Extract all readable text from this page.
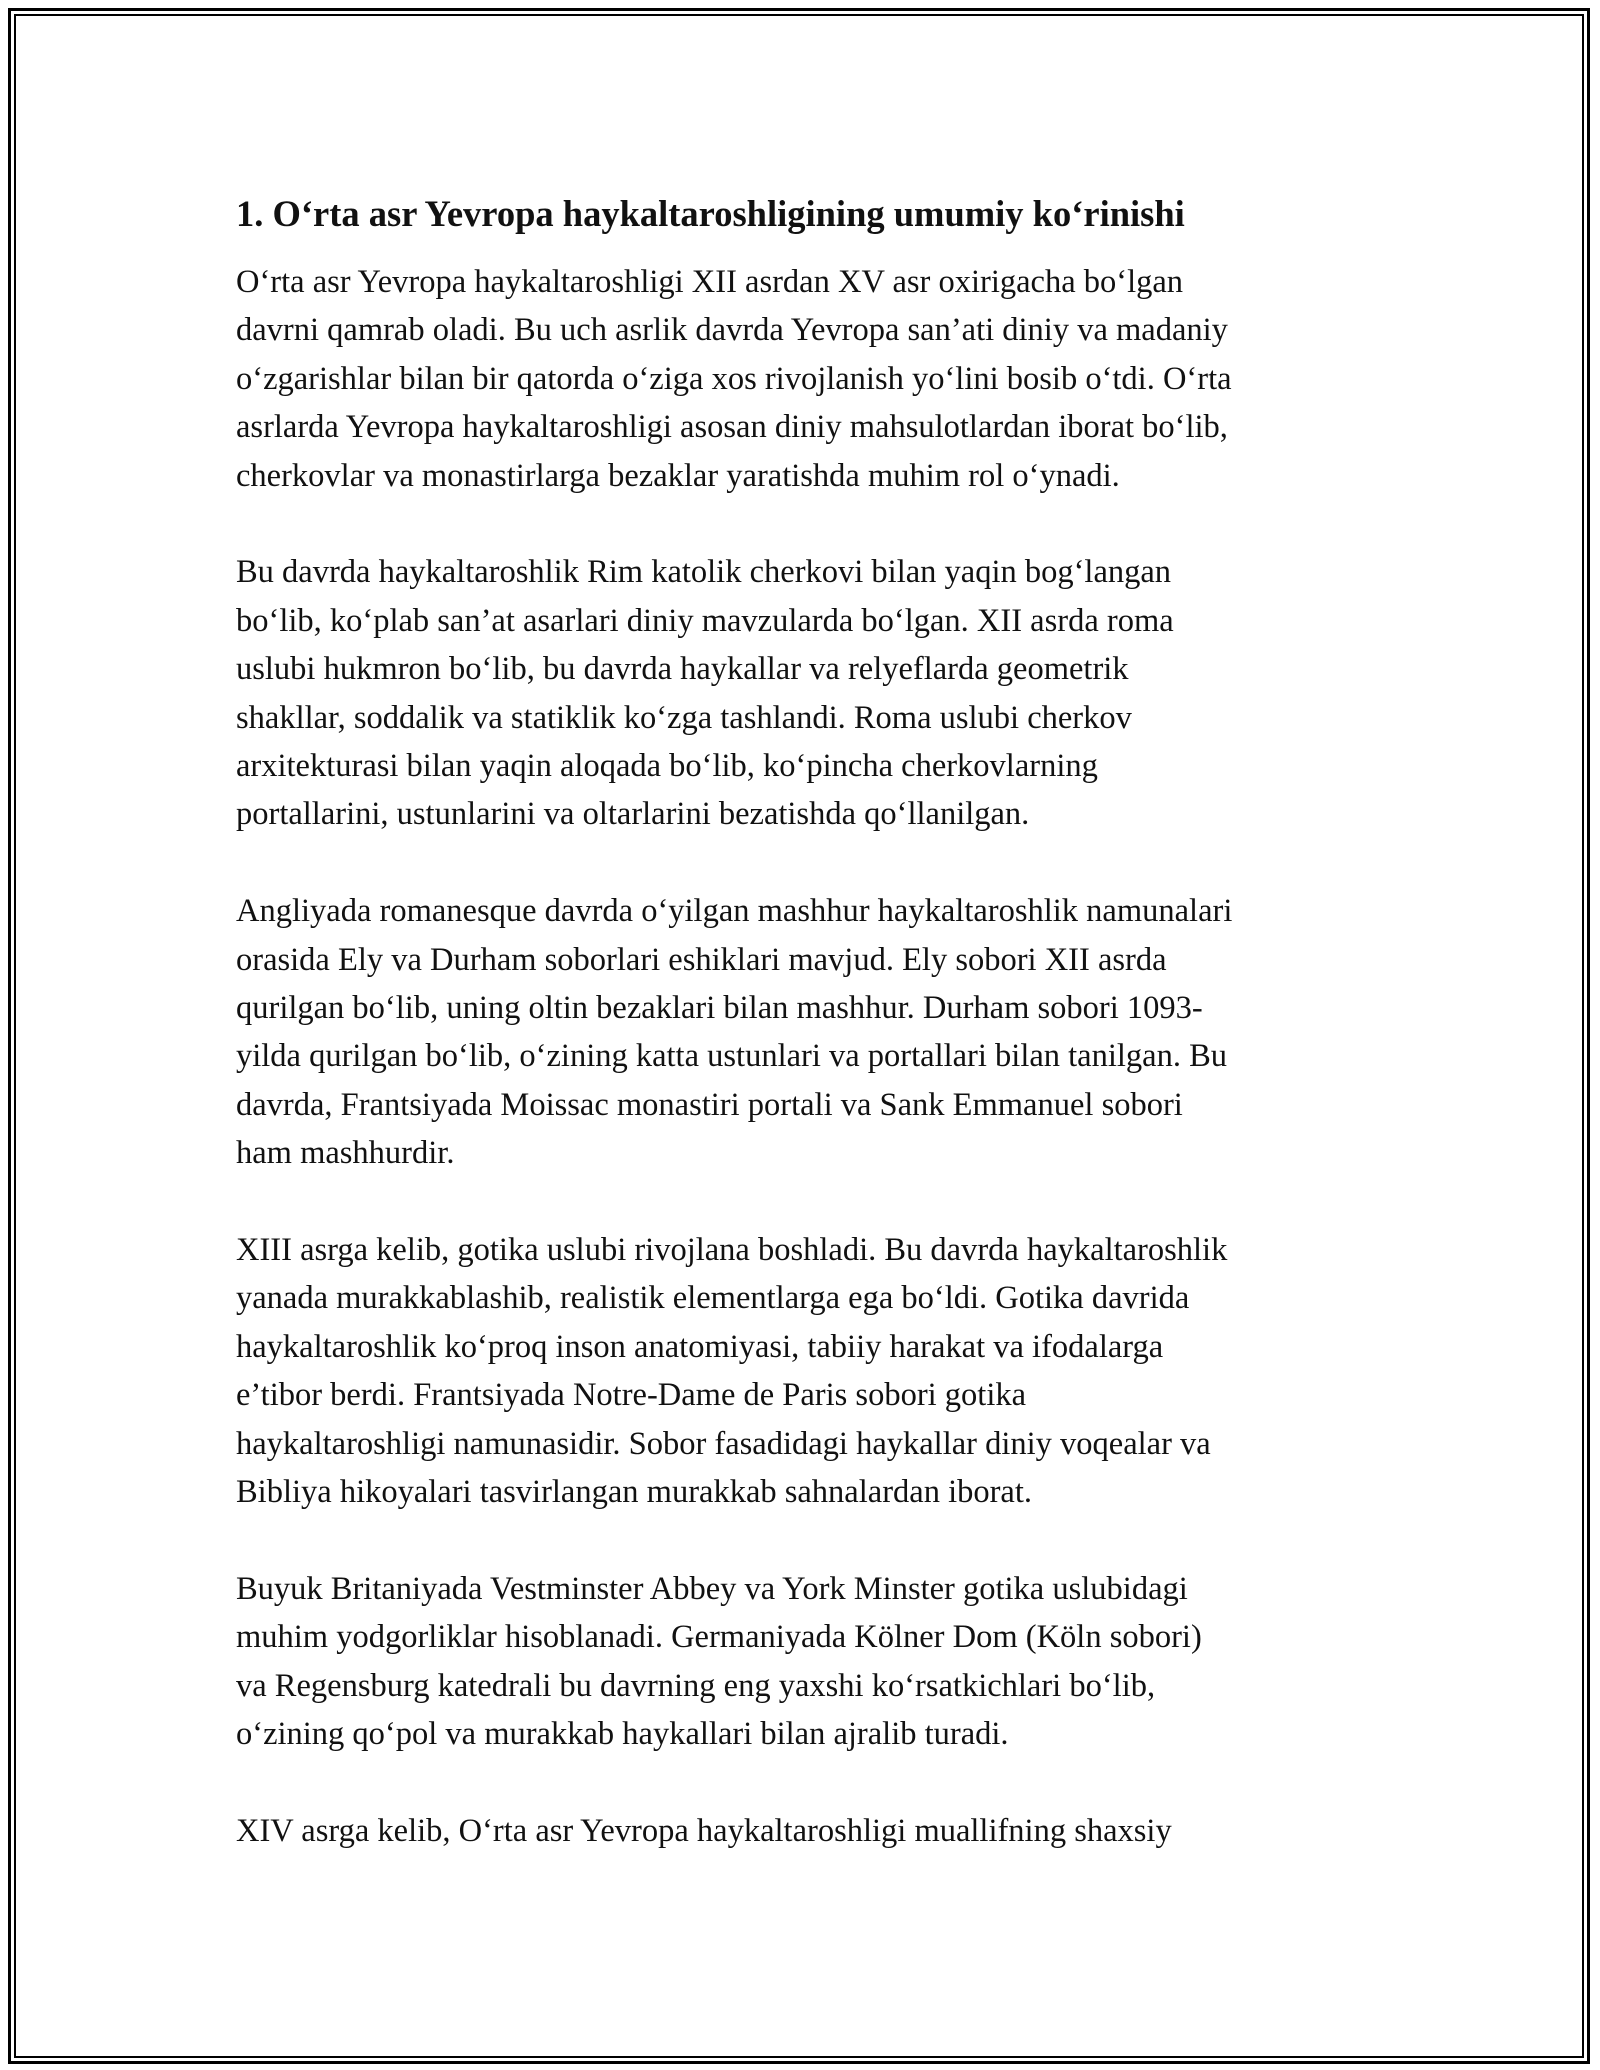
1. O‘rta asr Yevropa haykaltaroshligining umumiy ko‘rinishi

O‘rta asr Yevropa haykaltaroshligi XII asrdan XV asr oxirigacha bo‘lgan
davrni qamrab oladi. Bu uch asrlik davrda Yevropa san’ati diniy va madaniy
o‘zgarishlar bilan bir qatorda o‘ziga xos rivojlanish yo‘lini bosib o‘tdi. O‘rta
asrlarda Yevropa haykaltaroshligi asosan diniy mahsulotlardan iborat bo‘lib,
cherkovlar va monastirlarga bezaklar yaratishda muhim rol o‘ynadi.

Bu davrda haykaltaroshlik Rim katolik cherkovi bilan yaqin bog‘langan
bo‘lib, ko‘plab san’at asarlari diniy mavzularda bo‘lgan. XII asrda roma
uslubi hukmron bo‘lib, bu davrda haykallar va relyeflarda geometrik
shakllar, soddalik va statiklik ko‘zga tashlandi. Roma uslubi cherkov
arxitekturasi bilan yaqin aloqada bo‘lib, ko‘pincha cherkovlarning
portallarini, ustunlarini va oltarlarini bezatishda qo‘llanilgan.

Angliyada romanesque davrda o‘yilgan mashhur haykaltaroshlik namunalari
orasida Ely va Durham soborlari eshiklari mavjud. Ely sobori XII asrda
qurilgan bo‘lib, uning oltin bezaklari bilan mashhur. Durham sobori 1093-
yilda qurilgan bo‘lib, o‘zining katta ustunlari va portallari bilan tanilgan. Bu
davrda, Frantsiyada Moissac monastiri portali va Sank Emmanuel sobori
ham mashhurdir.

XIII asrga kelib, gotika uslubi rivojlana boshladi. Bu davrda haykaltaroshlik
yanada murakkablashib, realistik elementlarga ega bo‘ldi. Gotika davrida
haykaltaroshlik ko‘proq inson anatomiyasi, tabiiy harakat va ifodalarga
e’tibor berdi. Frantsiyada Notre-Dame de Paris sobori gotika
haykaltaroshligi namunasidir. Sobor fasadidagi haykallar diniy voqealar va
Bibliya hikoyalari tasvirlangan murakkab sahnalardan iborat.

Buyuk Britaniyada Vestminster Abbey va York Minster gotika uslubidagi
muhim yodgorliklar hisoblanadi. Germaniyada Kölner Dom (Köln sobori)
va Regensburg katedrali bu davrning eng yaxshi ko‘rsatkichlari bo‘lib,
o‘zining qo‘pol va murakkab haykallari bilan ajralib turadi.

XIV asrga kelib, O‘rta asr Yevropa haykaltaroshligi muallifning shaxsiy
